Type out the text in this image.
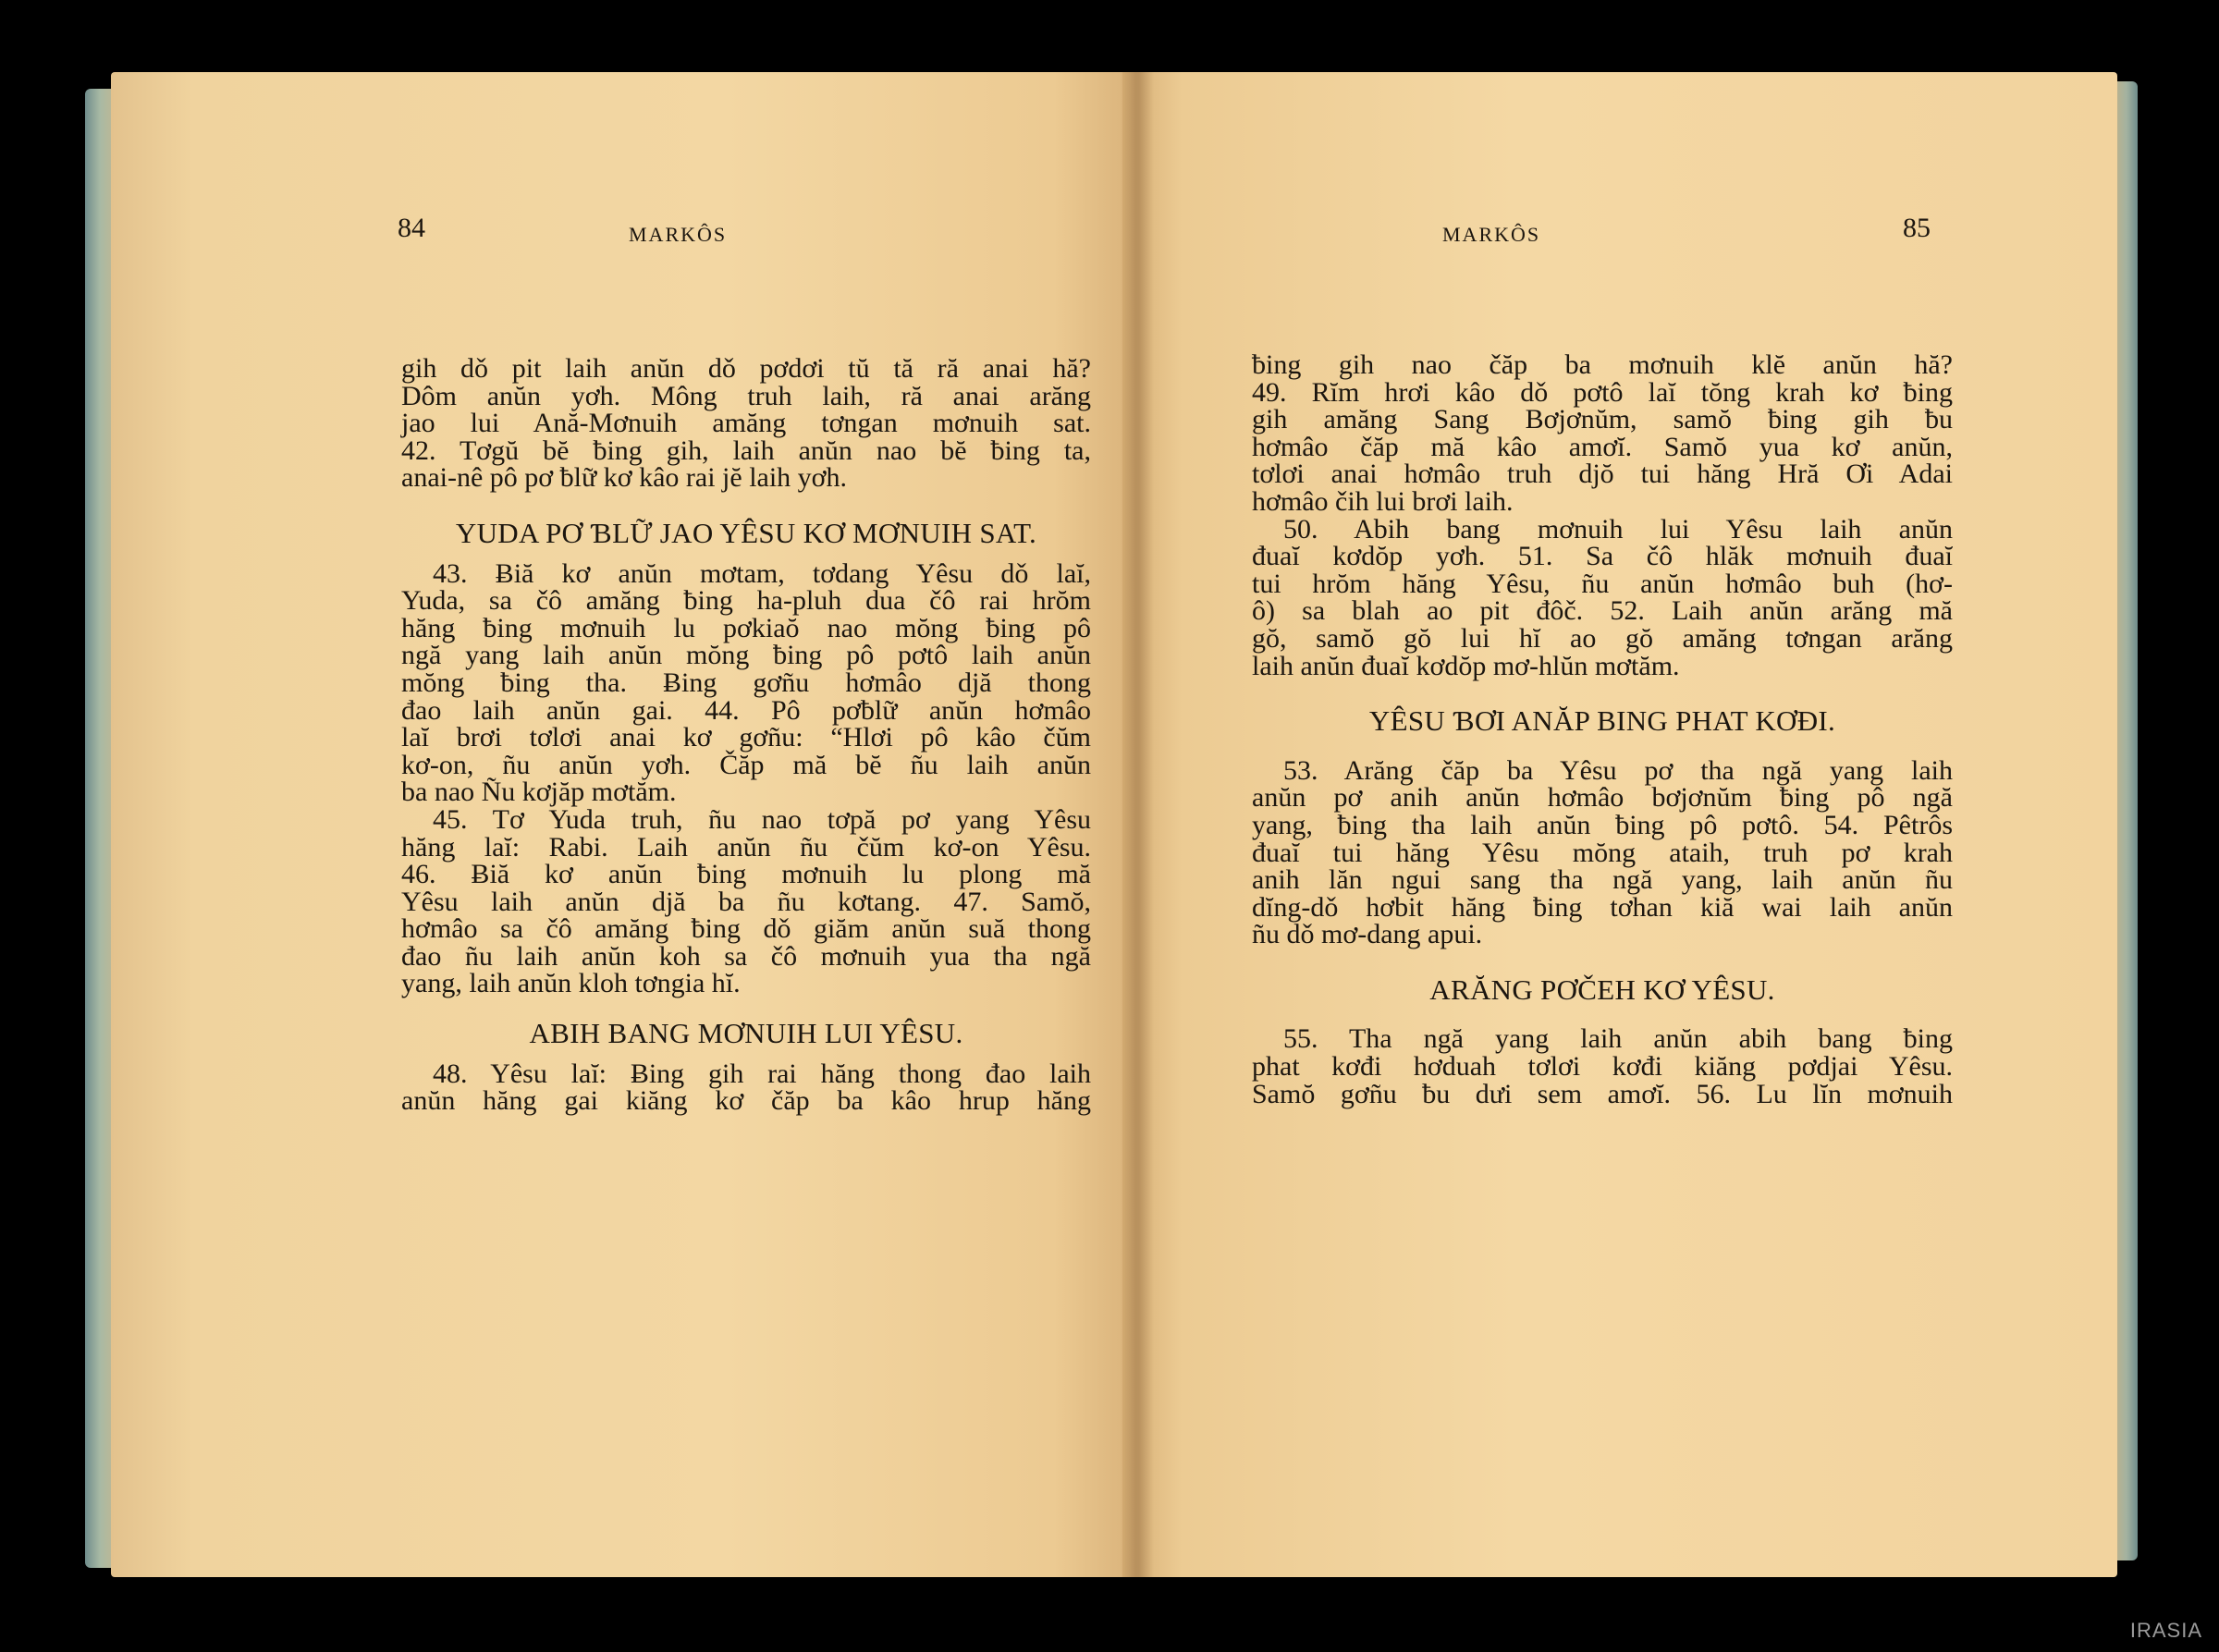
84	MARKÔS
gih dǒ pit laih anŭn dǒ pơdơi tŭ tă ră anai hă?
Dôm anŭn yơh. Mông truh laih, ră anai arăng
jao lui Ană-Mơnuih amăng tơngan mơnuih sat.
42. Tơgŭ bĕ ƀing gih, laih anŭn nao bĕ ƀing ta,
anai-nê pô pơ ƀlữ kơ kâo rai jĕ laih yơh.
YUDA PƠ ƁLỮ JAO YÊSU KƠ MƠNUIH SAT.
43. Ƀiă kơ anŭn mơtam, tơdang Yêsu dǒ laĭ,
Yuda, sa čô amăng ƀing ha-pluh dua čô rai hrŏm
hăng ƀing mơnuih lu pơkiaŏ nao mŏng ƀing pô
ngă yang laih anŭn mŏng ƀing pô pơtô laih anŭn
mŏng ƀing tha. Ƀing gơñu hơmâo djă thong
đao laih anŭn gai. 44. Pô pơƀlữ anŭn hơmâo
laĭ brơi tơlơi anai kơ gơñu: “Hlơi pô kâo čŭm
kơ-on, ñu anŭn yơh. Čăp mă bĕ ñu laih anŭn
ba nao Ñu kơjăp mơtăm.
45. Tơ Yuda truh, ñu nao tơpă pơ yang Yêsu
hăng laĭ: Rabi. Laih anŭn ñu čŭm kơ-on Yêsu.
46. Ƀiă kơ anŭn ƀing mơnuih lu plong mă
Yêsu laih anŭn djă ba ñu kơtang. 47. Samŏ,
hơmâo sa čô amăng ƀing dǒ giăm anŭn suă thong
đao ñu laih anŭn koh sa čô mơnuih yua tha ngă
yang, laih anŭn kloh tơngia hĭ.
ABIH BANG MƠNUIH LUI YÊSU.
48. Yêsu laĭ: Ƀing gih rai hăng thong đao laih
anŭn hăng gai kiăng kơ čăp ba kâo hrup hăng
MARKÔS	85
ƀing gih nao čăp ba mơnuih klĕ anŭn hă?
49. Rĭm hrơi kâo dǒ pơtô laĭ tŏng krah kơ ƀing
gih amăng Sang Bơjơnŭm, samŏ ƀing gih ƀu
hơmâo čăp mă kâo amơĭ. Samŏ yua kơ anŭn,
tơlơi anai hơmâo truh djŏ tui hăng Hră Ơi Adai
hơmâo čih lui brơi laih.
50. Abih bang mơnuih lui Yêsu laih anŭn
đuaĭ kơdŏp yơh. 51. Sa čô hlăk mơnuih đuaĭ
tui hrŏm hăng Yêsu, ñu anŭn hơmâo buh (hơ-
ô) sa blah ao pit đôč. 52. Laih anŭn arăng mă
gŏ, samŏ gŏ lui hĭ ao gŏ amăng tơngan arăng
laih anŭn đuaĭ kơdŏp mơ-hlŭn mơtăm.
YÊSU ƁƠI ANĂP BING PHAT KƠĐI.
53. Arăng čăp ba Yêsu pơ tha ngă yang laih
anŭn pơ anih anŭn hơmâo bơjơnŭm ƀing pô ngă
yang, ƀing tha laih anŭn ƀing pô pơtô. 54. Pêtrôs
đuaĭ tui hăng Yêsu mŏng ataih, truh pơ krah
anih lăn ngui sang tha ngă yang, laih anŭn ñu
dĭng-dǒ hơbit hăng ƀing tơhan kiă wai laih anŭn
ñu dǒ mơ-dang apui.
ARĂNG PƠČEH KƠ YÊSU.
55. Tha ngă yang laih anŭn abih bang ƀing
phat kơđi hơduah tơlơi kơđi kiăng pơdjai Yêsu.
Samŏ gơñu ƀu dưi sem amơĭ. 56. Lu lĭn mơnuih
IRASIA
